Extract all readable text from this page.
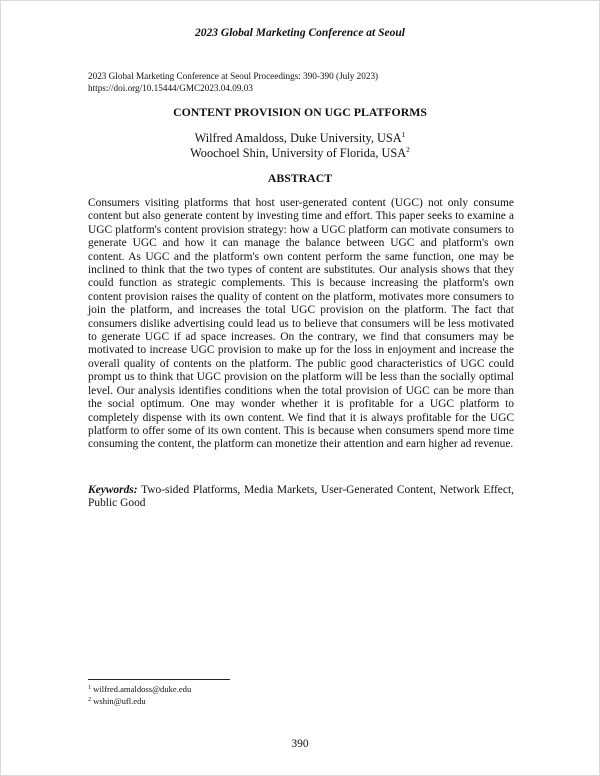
2023 Global Marketing Conference at Seoul
2023 Global Marketing Conference at Seoul Proceedings: 390-390 (July 2023)
https://doi.org/10.15444/GMC2023.04.09.03
CONTENT PROVISION ON UGC PLATFORMS
Wilfred Amaldoss, Duke University, USA$^1$
Woochoel Shin, University of Florida, USA$^2$
ABSTRACT

Consumers visiting platforms that host user-generated content (UGC) not only consume content but also generate content by investing time and effort. This paper seeks to examine a UGC platform's content provision strategy: how a UGC platform can motivate consumers to generate UGC and how it can manage the balance between UGC and platform's own content. As UGC and the platform's own content perform the same function, one may be inclined to think that the two types of content are substitutes. Our analysis shows that they could function as strategic complements. This is because increasing the platform's own content provision raises the quality of content on the platform, motivates more consumers to join the platform, and increases the total UGC provision on the platform. The fact that consumers dislike advertising could lead us to believe that consumers will be less motivated to generate UGC if ad space increases. On the contrary, we find that consumers may be motivated to increase UGC provision to make up for the loss in enjoyment and increase the overall quality of contents on the platform. The public good characteristics of UGC could prompt us to think that UGC provision on the platform will be less than the socially optimal level. Our analysis identifies conditions when the total provision of UGC can be more than the social optimum. One may wonder whether it is profitable for a UGC platform to completely dispense with its own content. We find that it is always profitable for the UGC platform to offer some of its own content. This is because when consumers spend more time consuming the content, the platform can monetize their attention and earn higher ad revenue.

Keywords: Two-sided Platforms, Media Markets, User-Generated Content, Network Effect, Public Good
$^1$ wilfred.amaldoss@duke.edu
$^2$ wshin@ufl.edu
390
